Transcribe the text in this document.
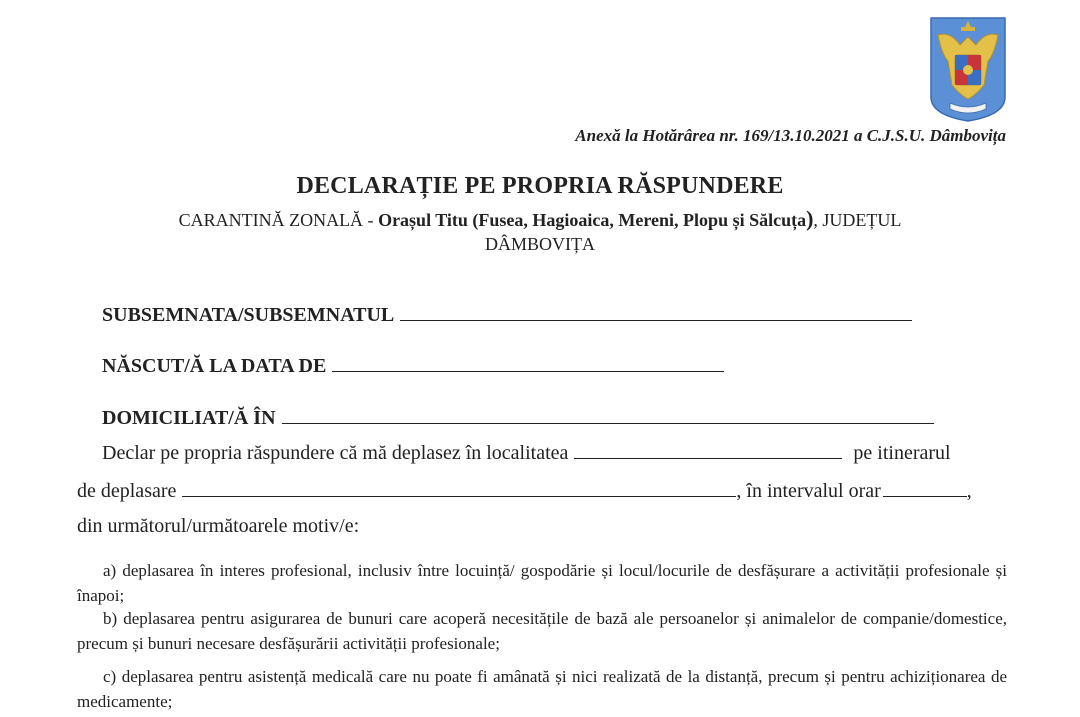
Anexă la Hotărârea nr. 169/13.10.2021 a C.J.S.U. Dâmbovița
DECLARAȚIE PE PROPRIA RĂSPUNDERE
CARANTINĂ ZONALĂ - Orașul Titu (Fusea, Hagioaica, Mereni, Plopu și Sălcuța), JUDEȚUL
DÂMBOVIȚA
SUBSEMNATA/SUBSEMNATUL
NĂSCUT/Ă LA DATA DE
DOMICILIAT/Ă ÎN
Declar pe propria răspundere că mă deplasez în localitatea	pe itinerarul
de deplasare	, în intervalul orar	,
din următorul/următoarele motiv/e:
a) deplasarea în interes profesional, inclusiv între locuință/ gospodărie și locul/locurile de desfășurare a activității profesionale și înapoi;
b) deplasarea pentru asigurarea de bunuri care acoperă necesitățile de bază ale persoanelor și animalelor de companie/domestice, precum și bunuri necesare desfășurării activității profesionale;
c) deplasarea pentru asistență medicală care nu poate fi amânată și nici realizată de la distanță, precum și pentru achiziționarea de medicamente;
